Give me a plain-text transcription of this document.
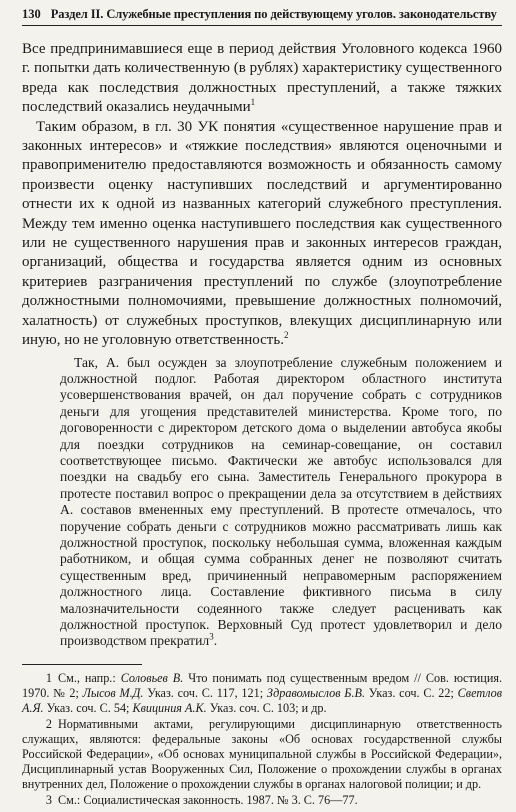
130 Раздел II. Служебные преступления по действующему уголов. законодательству

Все предпринимавшиеся еще в период действия Уголовного кодекса 1960 г. попытки дать количественную (в рублях) характеристику существенного вреда как последствия должностных преступлений, а также тяжких последствий оказались неудачными$^1$

Таким образом, в гл. 30 УК понятия «существенное нарушение прав и законных интересов» и «тяжкие последствия» являются оценочными и правоприменителю предоставляются возможность и обязанность самому произвести оценку наступивших последствий и аргументированно отнести их к одной из названных категорий служебного преступления. Между тем именно оценка наступившего последствия как существенного или не существенного нарушения прав и законных интересов граждан, организаций, общества и государства является одним из основных критериев разграничения преступлений по службе (злоупотребление должностными полномочиями, превышение должностных полномочий, халатность) от служебных проступков, влекущих дисциплинарную или иную, но не уголовную ответственность.$^2$

Так, А. был осужден за злоупотребление служебным положением и должностной подлог. Работая директором областного института усовершенствования врачей, он дал поручение собрать с сотрудников деньги для угощения представителей министерства. Кроме того, по договоренности с директором детского дома о выделении автобуса якобы для поездки сотрудников на семинар-совещание, он составил соответствующее письмо. Фактически же автобус использовался для поездки на свадьбу его сына. Заместитель Генерального прокурора в протесте поставил вопрос о прекращении дела за отсутствием в действиях А. составов вмененных ему преступлений. В протесте отмечалось, что поручение собрать деньги с сотрудников можно рассматривать лишь как должностной проступок, поскольку небольшая сумма, вложенная каждым работником, и общая сумма собранных денег не позволяют считать существенным вред, причиненный неправомерным распоряжением должностного лица. Составление фиктивного письма в силу малозначительности содеянного также следует расценивать как должностной проступок. Верховный Суд протест удовлетворил и дело производством прекратил$^3$.
1 См., напр.: Соловьев В. Что понимать под существенным вредом // Сов. юстиция. 1970. № 2; Лысов М.Д. Указ. соч. С. 117, 121; Здравомыслов Б.В. Указ. соч. С. 22; Светлов А.Я. Указ. соч. С. 54; Квициния А.К. Указ. соч. С. 103; и др.
2 Нормативными актами, регулирующими дисциплинарную ответственность служащих, являются: федеральные законы «Об основах государственной службы Российской Федерации», «Об основах муниципальной службы в Российской Федерации», Дисциплинарный устав Вооруженных Сил, Положение о прохождении службы в органах внутренних дел, Положение о прохождении службы в органах налоговой полиции; и др.
3 См.: Социалистическая законность. 1987. № 3. С. 76—77.
